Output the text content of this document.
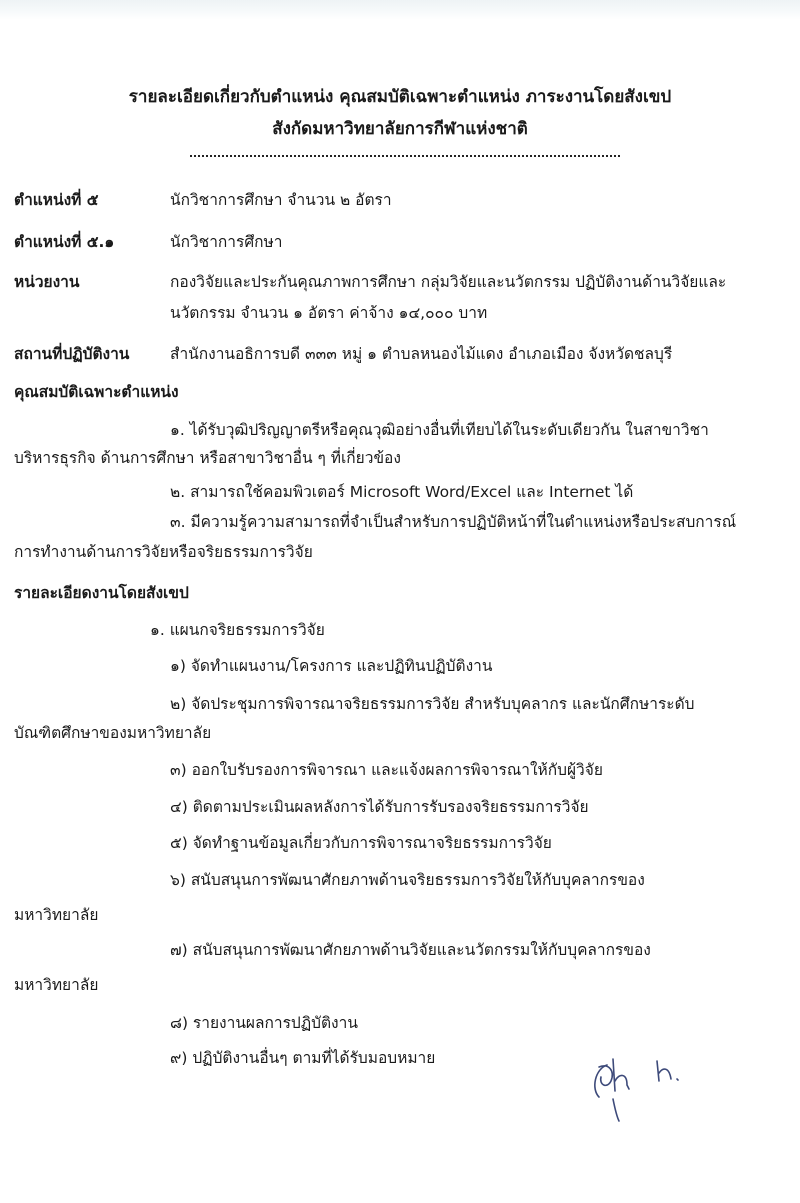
รายละเอียดเกี่ยวกับตำแหน่ง คุณสมบัติเฉพาะตำแหน่ง ภาระงานโดยสังเขป
สังกัดมหาวิทยาลัยการกีฬาแห่งชาติ
ตำแหน่งที่ ๕	นักวิชาการศึกษา จำนวน ๒ อัตรา
ตำแหน่งที่ ๕.๑	นักวิชาการศึกษา
หน่วยงาน	กองวิจัยและประกันคุณภาพการศึกษา กลุ่มวิจัยและนวัตกรรม ปฏิบัติงานด้านวิจัยและ
นวัตกรรม จำนวน ๑ อัตรา ค่าจ้าง ๑๔,๐๐๐ บาท
สถานที่ปฏิบัติงาน	สำนักงานอธิการบดี ๓๓๓ หมู่ ๑ ตำบลหนองไม้แดง อำเภอเมือง จังหวัดชลบุรี
คุณสมบัติเฉพาะตำแหน่ง
๑. ได้รับวุฒิปริญญาตรีหรือคุณวุฒิอย่างอื่นที่เทียบได้ในระดับเดียวกัน ในสาขาวิชา
บริหารธุรกิจ ด้านการศึกษา หรือสาขาวิชาอื่น ๆ ที่เกี่ยวข้อง
๒. สามารถใช้คอมพิวเตอร์ Microsoft Word/Excel และ Internet ได้
๓. มีความรู้ความสามารถที่จำเป็นสำหรับการปฏิบัติหน้าที่ในตำแหน่งหรือประสบการณ์
การทำงานด้านการวิจัยหรือจริยธรรมการวิจัย
รายละเอียดงานโดยสังเขป
๑. แผนกจริยธรรมการวิจัย
๑) จัดทำแผนงาน/โครงการ และปฏิทินปฏิบัติงาน
๒) จัดประชุมการพิจารณาจริยธรรมการวิจัย สำหรับบุคลากร และนักศึกษาระดับ
บัณฑิตศึกษาของมหาวิทยาลัย
๓) ออกใบรับรองการพิจารณา และแจ้งผลการพิจารณาให้กับผู้วิจัย
๔) ติดตามประเมินผลหลังการได้รับการรับรองจริยธรรมการวิจัย
๕) จัดทำฐานข้อมูลเกี่ยวกับการพิจารณาจริยธรรมการวิจัย
๖) สนับสนุนการพัฒนาศักยภาพด้านจริยธรรมการวิจัยให้กับบุคลากรของ
มหาวิทยาลัย
๗) สนับสนุนการพัฒนาศักยภาพด้านวิจัยและนวัตกรรมให้กับบุคลากรของ
มหาวิทยาลัย
๘) รายงานผลการปฏิบัติงาน
๙) ปฏิบัติงานอื่นๆ ตามที่ได้รับมอบหมาย
